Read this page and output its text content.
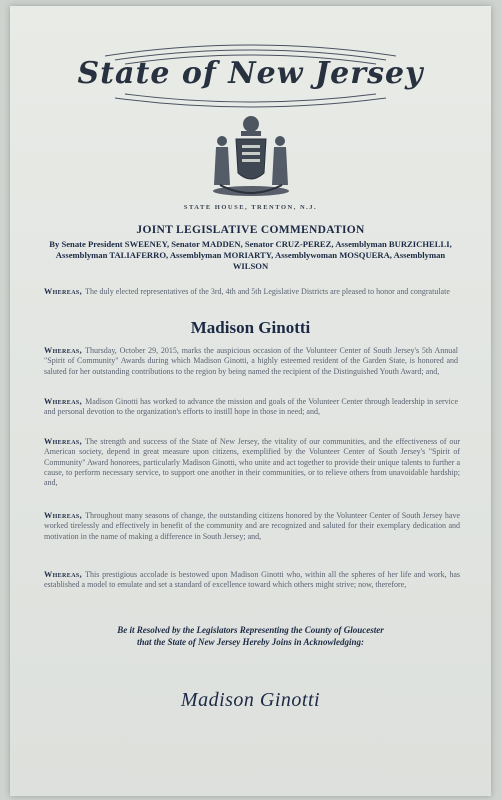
State of New Jersey
STATE HOUSE, TRENTON, N.J.
JOINT LEGISLATIVE COMMENDATION
By Senate President SWEENEY, Senator MADDEN, Senator CRUZ-PEREZ, Assemblyman BURZICHELLI, Assemblyman TALIAFERRO, Assemblyman MORIARTY, Assemblywoman MOSQUERA, Assemblyman WILSON
Whereas, The duly elected representatives of the 3rd, 4th and 5th Legislative Districts are pleased to honor and congratulate
Madison Ginotti
Whereas, Thursday, October 29, 2015, marks the auspicious occasion of the Volunteer Center of South Jersey's 5th Annual "Spirit of Community" Awards during which Madison Ginotti, a highly esteemed resident of the Garden State, is honored and saluted for her outstanding contributions to the region by being named the recipient of the Distinguished Youth Award; and,
Whereas, Madison Ginotti has worked to advance the mission and goals of the Volunteer Center through leadership in service and personal devotion to the organization's efforts to instill hope in those in need; and,
Whereas, The strength and success of the State of New Jersey, the vitality of our communities, and the effectiveness of our American society, depend in great measure upon citizens, exemplified by the Volunteer Center of South Jersey's "Spirit of Community" Award honorees, particularly Madison Ginotti, who unite and act together to provide their unique talents to further a cause, to perform necessary service, to support one another in their communities, or to relieve others from unavoidable hardship; and,
Whereas, Throughout many seasons of change, the outstanding citizens honored by the Volunteer Center of South Jersey have worked tirelessly and effectively in benefit of the community and are recognized and saluted for their exemplary dedication and motivation in the name of making a difference in South Jersey; and,
Whereas, This prestigious accolade is bestowed upon Madison Ginotti who, within all the spheres of her life and work, has established a model to emulate and set a standard of excellence toward which others might strive; now, therefore,
Be it Resolved by the Legislators Representing the County of Gloucester
that the State of New Jersey Hereby Joins in Acknowledging:
Madison Ginotti
